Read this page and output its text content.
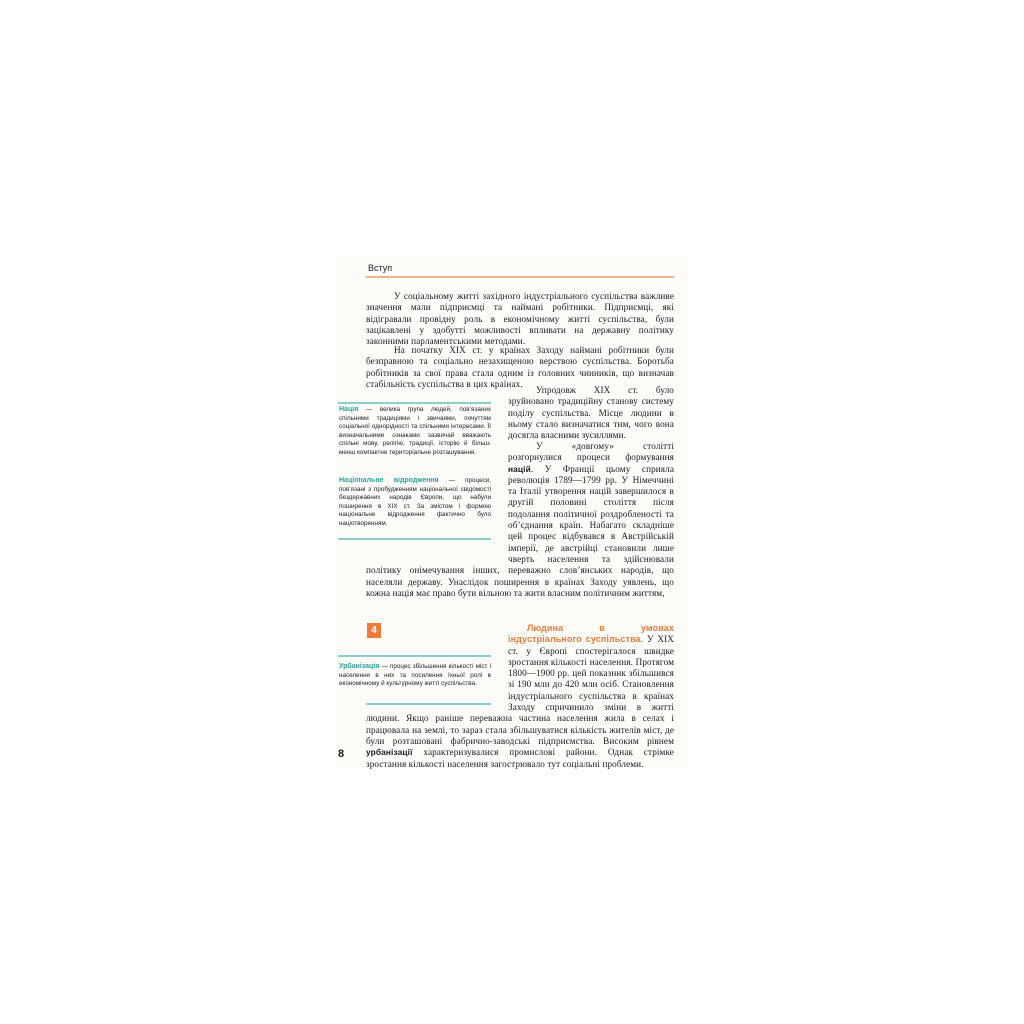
Вступ

У соціальному житті західного індустріального суспільства важливе значення мали підприємці та наймані робітники. Підприємці, які відігравали провідну роль в економічному житті суспільства, були зацікавлені у здобутті можливості впливати на державну політику законними парламентськими методами.

На початку XIX ст. у країнах Заходу наймані робітники були безправною та соціально незахищеною верствою суспільства. Боротьба робітників за свої права стала одним із головних чинників, що визначав стабільність суспільства в цих країнах.

Нація — велика група людей, пов’язаних спільними традиціями і звичаями, почуттям соціальної однорідності та спільними інтересами. Її визначальними ознаками зазвичай вважають спільні мову, релігію, традиції, історію й більш-менш компактне територіальне розташування.
Національне відродження — процеси, пов’язані з пробудженням національної свідомості бездержавних народів Європи, що набули поширення в XIX ст. За змістом і формою національне відродження фактично було націотворенням.

Упродовж XIX ст. було зруйновано традиційну станову систему поділу суспільства. Місце людини в ньому стало визначатися тим, чого вона досягла власними зусиллями.

У «довгому» столітті розгорнулися процеси формування націй. У Франції цьому сприяла революція 1789—1799 рр. У Німеччині та Італії утворення націй завершилося в другій половині століття після подолання політичної роздробленості та об’єднання країн. Набагато складніше цей процес відбувався в Австрійській імперії, де австрійці становили лише чверть населення та здійснювали політику онімечування інших, переважно слов’янських народів, що населяли державу. Унаслідок поширення в країнах Заходу уявлень, що кожна нація має право бути вільною та жити власним політичним життям,

4
Урбанізація — процес збільшення кількості міст і населення в них та посилення їхньої ролі в економічному й культурному житті суспільства.

Людина в умовах індустріального суспільства. У XIX ст. у Європі спостерігалося швидке зростання кількості населення. Протягом 1800—1900 рр. цей показник збільшився зі 190 млн до 420 млн осіб. Становлення індустріального суспільства в країнах Заходу спричинило зміни в житті людини. Якщо раніше переважна частина населення жила в селах і працювала на землі, то зараз стала збільшуватися кількість жителів міст, де були розташовані фабрично-заводські підприємства. Високим рівнем урбанізації характеризувалися промислові райони. Однак стрімке зростання кількості населення загострювало тут соціальні проблеми.

8
